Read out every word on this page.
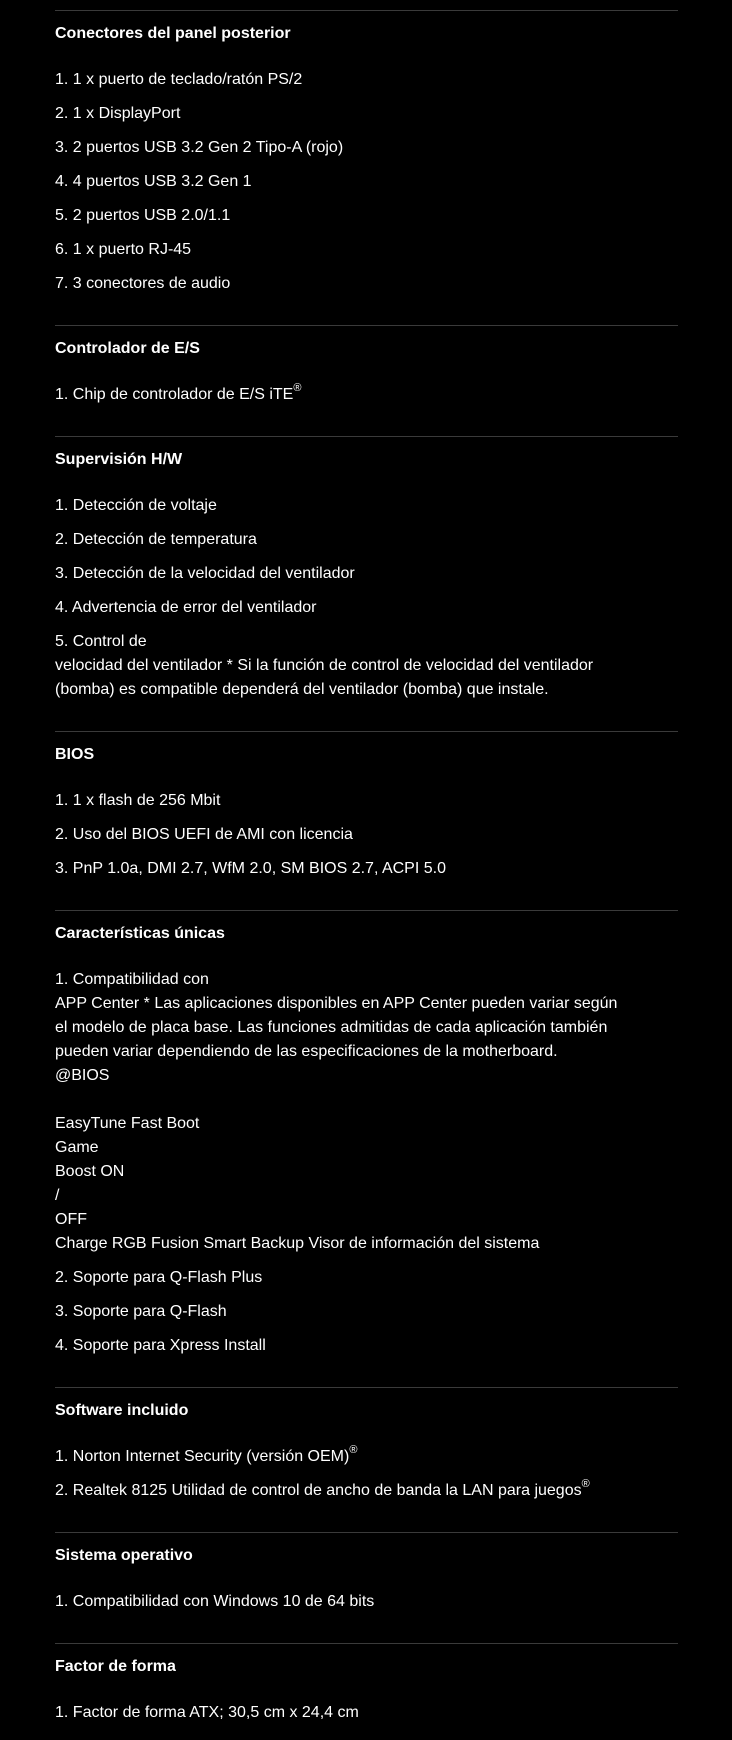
Conectores del panel posterior
1. 1 x puerto de teclado/ratón PS/2
2. 1 x DisplayPort
3. 2 puertos USB 3.2 Gen 2 Tipo-A (rojo)
4. 4 puertos USB 3.2 Gen 1
5. 2 puertos USB 2.0/1.1
6. 1 x puerto RJ-45
7. 3 conectores de audio
Controlador de E/S
1. Chip de controlador de E/S iTE®
Supervisión H/W
1. Detección de voltaje
2. Detección de temperatura
3. Detección de la velocidad del ventilador
4. Advertencia de error del ventilador
5. Control de
velocidad del ventilador * Si la función de control de velocidad del ventilador
(bomba) es compatible dependerá del ventilador (bomba) que instale.
BIOS
1. 1 x flash de 256 Mbit
2. Uso del BIOS UEFI de AMI con licencia
3. PnP 1.0a, DMI 2.7, WfM 2.0, SM BIOS 2.7, ACPI 5.0
Características únicas
1. Compatibilidad con
APP Center * Las aplicaciones disponibles en APP Center pueden variar según
el modelo de placa base. Las funciones admitidas de cada aplicación también
pueden variar dependiendo de las especificaciones de la motherboard.
@BIOS
EasyTune Fast Boot
Game
Boost ON
/
OFF
Charge RGB Fusion Smart Backup Visor de información del sistema
2. Soporte para Q-Flash Plus
3. Soporte para Q-Flash
4. Soporte para Xpress Install
Software incluido
1. Norton Internet Security (versión OEM)®
2. Realtek 8125 Utilidad de control de ancho de banda la LAN para juegos®
Sistema operativo
1. Compatibilidad con Windows 10 de 64 bits
Factor de forma
1. Factor de forma ATX; 30,5 cm x 24,4 cm
